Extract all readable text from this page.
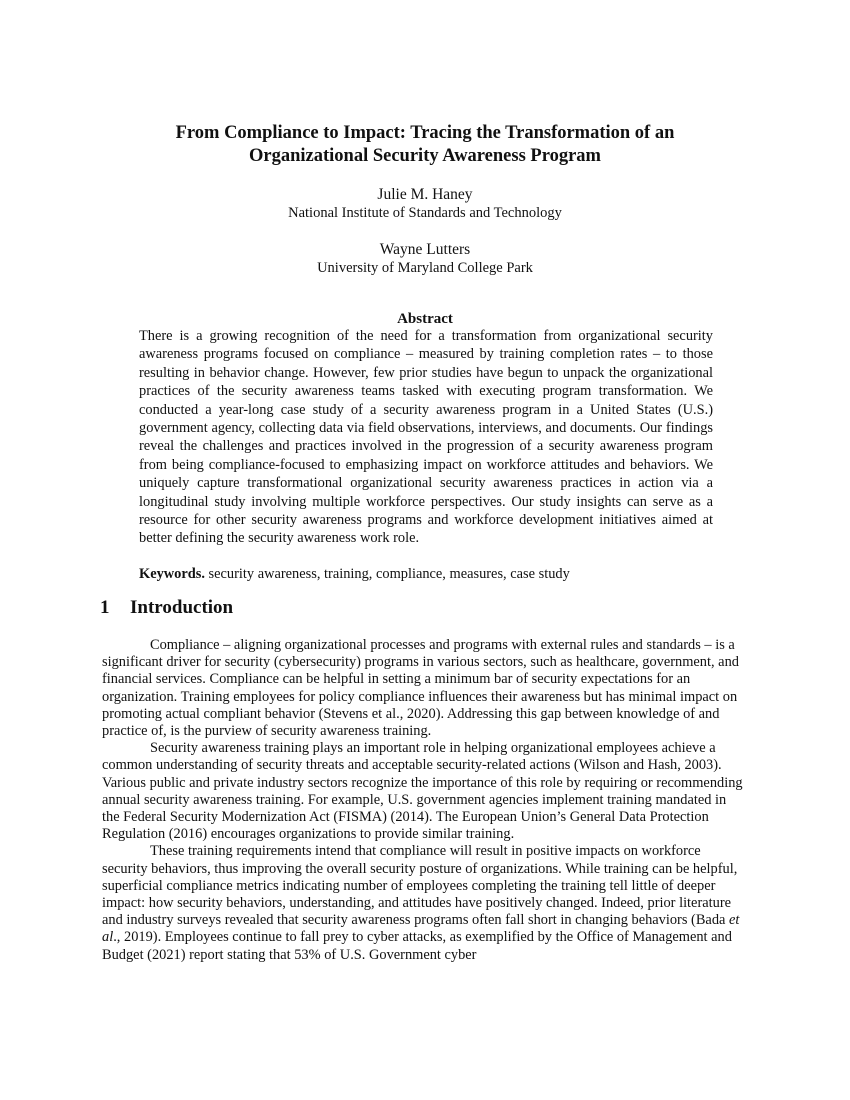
From Compliance to Impact: Tracing the Transformation of an
Organizational Security Awareness Program
Julie M. Haney
National Institute of Standards and Technology
Wayne Lutters
University of Maryland College Park
Abstract

There is a growing recognition of the need for a transformation from organizational security awareness programs focused on compliance – measured by training completion rates – to those resulting in behavior change. However, few prior studies have begun to unpack the organizational practices of the security awareness teams tasked with executing program transformation. We conducted a year-long case study of a security awareness program in a United States (U.S.) government agency, collecting data via field observations, interviews, and documents. Our findings reveal the challenges and practices involved in the progression of a security awareness program from being compliance-focused to emphasizing impact on workforce attitudes and behaviors. We uniquely capture transformational organizational security awareness practices in action via a longitudinal study involving multiple workforce perspectives. Our study insights can serve as a resource for other security awareness programs and workforce development initiatives aimed at better defining the security awareness work role.

Keywords. security awareness, training, compliance, measures, case study
1 Introduction

Compliance – aligning organizational processes and programs with external rules and standards – is a significant driver for security (cybersecurity) programs in various sectors, such as healthcare, government, and financial services. Compliance can be helpful in setting a minimum bar of security expectations for an organization. Training employees for policy compliance influences their awareness but has minimal impact on promoting actual compliant behavior (Stevens et al., 2020). Addressing this gap between knowledge of and practice of, is the purview of security awareness training.

Security awareness training plays an important role in helping organizational employees achieve a common understanding of security threats and acceptable security-related actions (Wilson and Hash, 2003). Various public and private industry sectors recognize the importance of this role by requiring or recommending annual security awareness training. For example, U.S. government agencies implement training mandated in the Federal Security Modernization Act (FISMA) (2014). The European Union’s General Data Protection Regulation (2016) encourages organizations to provide similar training.

These training requirements intend that compliance will result in positive impacts on workforce security behaviors, thus improving the overall security posture of organizations. While training can be helpful, superficial compliance metrics indicating number of employees completing the training tell little of deeper impact: how security behaviors, understanding, and attitudes have positively changed. Indeed, prior literature and industry surveys revealed that security awareness programs often fall short in changing behaviors (Bada et al., 2019). Employees continue to fall prey to cyber attacks, as exemplified by the Office of Management and Budget (2021) report stating that 53% of U.S. Government cyber
